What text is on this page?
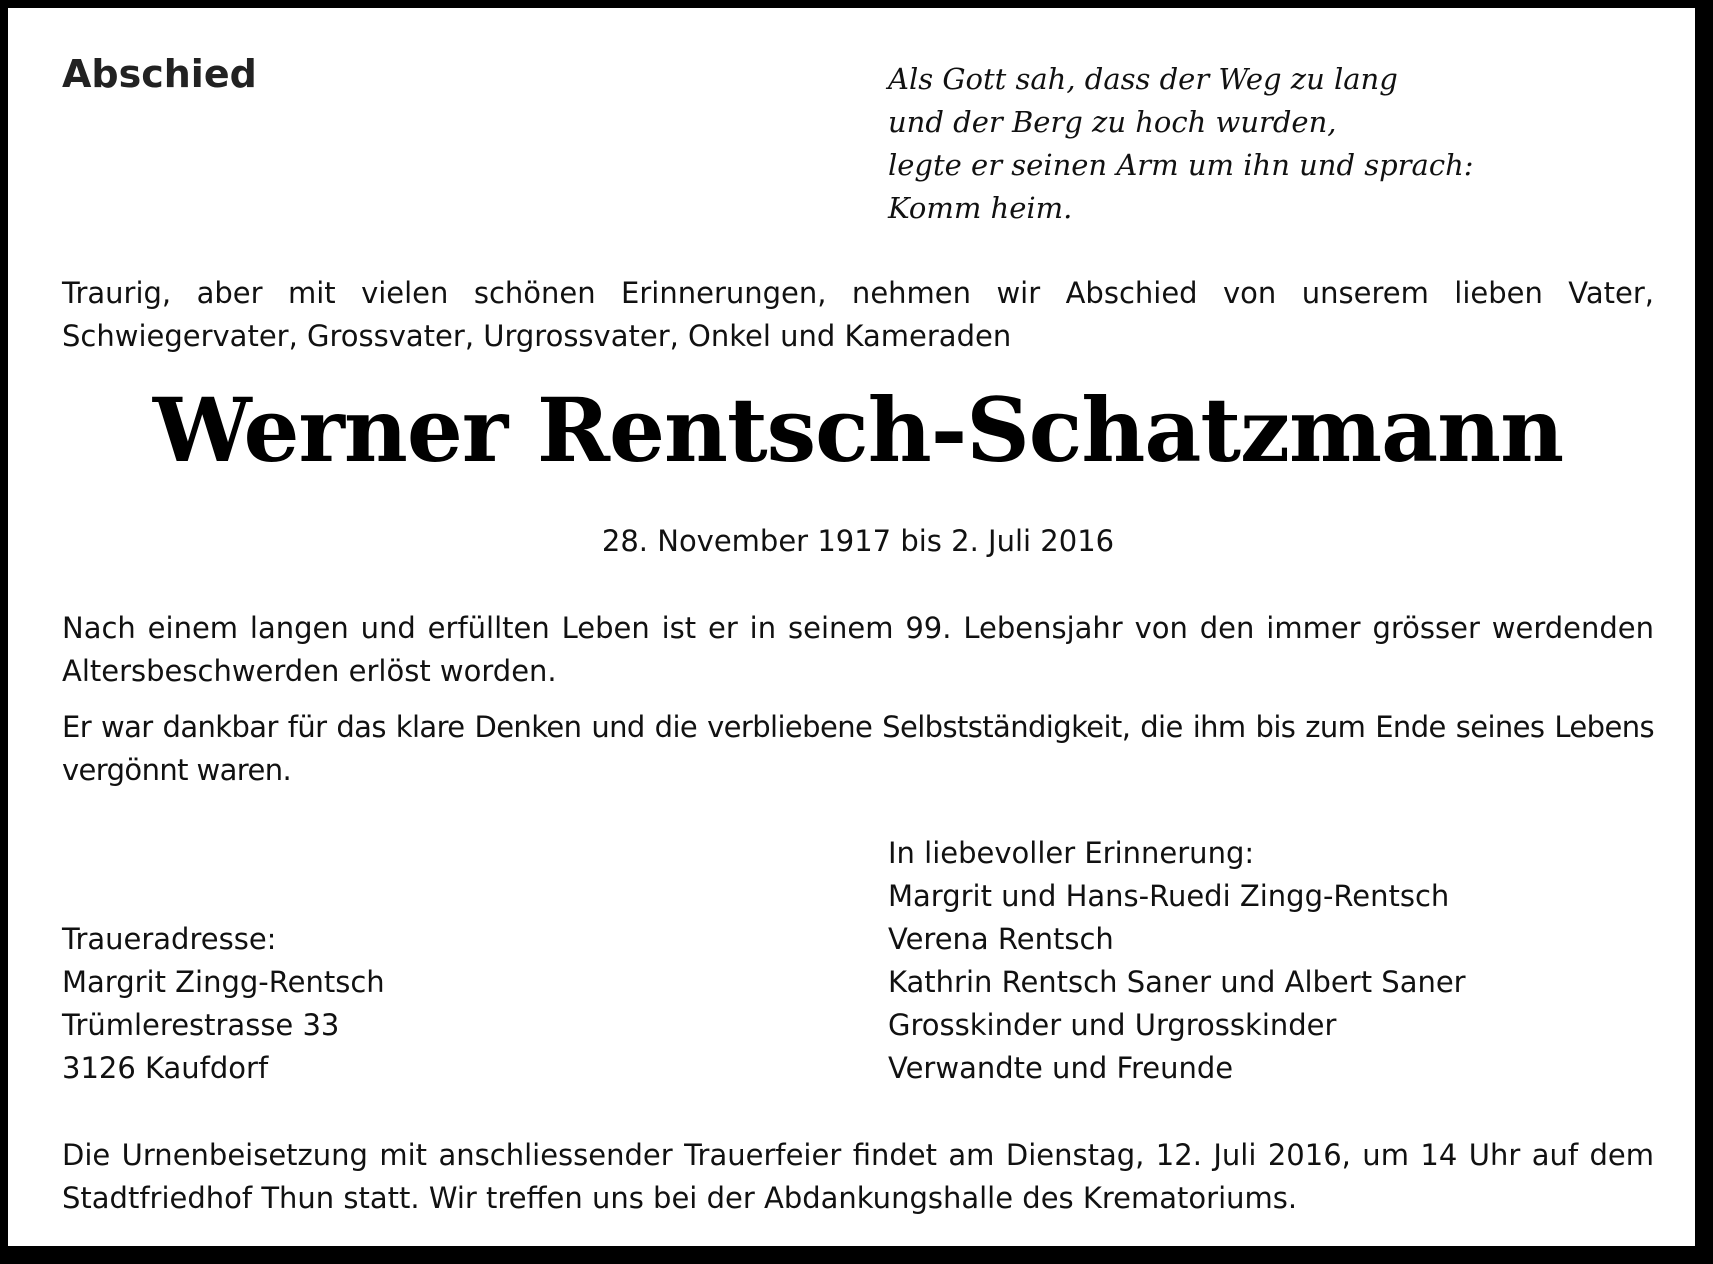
Abschied	Als Gott sah, dass der Weg zu lang
und der Berg zu hoch wurden,
legte er seinen Arm um ihn und sprach:
Komm heim.

Traurig, aber mit vielen schönen Erinnerungen, nehmen wir Abschied von unserem lieben Vater, Schwiegervater, Grossvater, Urgrossvater, Onkel und Kameraden

Werner Rentsch-Schatzmann

28. November 1917 bis 2. Juli 2016

Nach einem langen und erfüllten Leben ist er in seinem 99. Lebensjahr von den immer grösser werdenden Altersbeschwerden erlöst worden.

Er war dankbar für das klare Denken und die verbliebene Selbstständigkeit, die ihm bis zum Ende seines Lebens vergönnt waren.

In liebevoller Erinnerung:
Margrit und Hans-Ruedi Zingg-Rentsch
Verena Rentsch
Kathrin Rentsch Saner und Albert Saner
Grosskinder und Urgrosskinder
Verwandte und Freunde
Traueradresse:
Margrit Zingg-Rentsch
Trümlerestrasse 33
3126 Kaufdorf

Die Urnenbeisetzung mit anschliessender Trauerfeier findet am Dienstag, 12. Juli 2016, um 14 Uhr auf dem Stadtfriedhof Thun statt. Wir treffen uns bei der Abdankungshalle des Krematoriums.
